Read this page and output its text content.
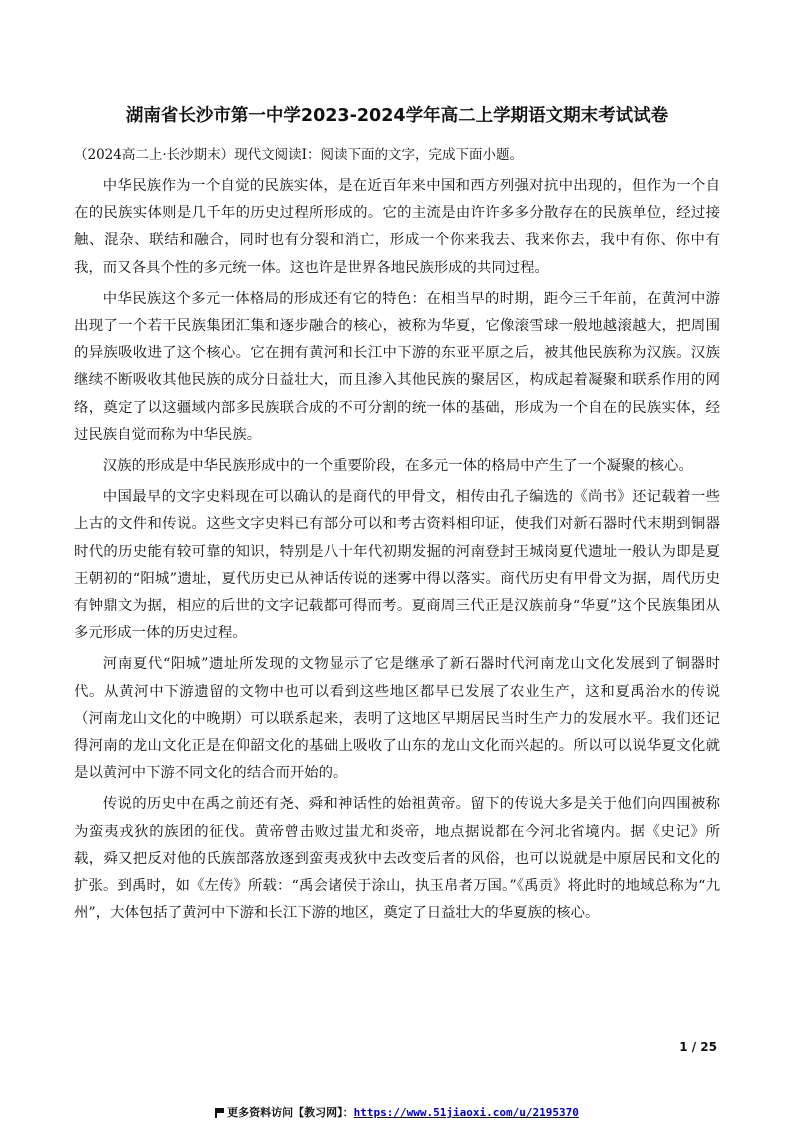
湖南省长沙市第一中学2023-2024学年高二上学期语文期末考试试卷

（2024高二上·长沙期末）现代文阅读I：阅读下面的文字，完成下面小题。

中华民族作为一个自觉的民族实体，是在近百年来中国和西方列强对抗中出现的，但作为一个自在的民族实体则是几千年的历史过程所形成的。它的主流是由许许多多分散存在的民族单位，经过接触、混杂、联结和融合，同时也有分裂和消亡，形成一个你来我去、我来你去，我中有你、你中有我，而又各具个性的多元统一体。这也许是世界各地民族形成的共同过程。

中华民族这个多元一体格局的形成还有它的特色：在相当早的时期，距今三千年前，在黄河中游出现了一个若干民族集团汇集和逐步融合的核心，被称为华夏，它像滚雪球一般地越滚越大，把周围的异族吸收进了这个核心。它在拥有黄河和长江中下游的东亚平原之后，被其他民族称为汉族。汉族继续不断吸收其他民族的成分日益壮大，而且渗入其他民族的聚居区，构成起着凝聚和联系作用的网络，奠定了以这疆域内部多民族联合成的不可分割的统一体的基础，形成为一个自在的民族实体，经过民族自觉而称为中华民族。

汉族的形成是中华民族形成中的一个重要阶段，在多元一体的格局中产生了一个凝聚的核心。

中国最早的文字史料现在可以确认的是商代的甲骨文，相传由孔子编选的《尚书》还记载着一些上古的文件和传说。这些文字史料已有部分可以和考古资料相印证，使我们对新石器时代末期到铜器时代的历史能有较可靠的知识，特别是八十年代初期发掘的河南登封王城岗夏代遗址一般认为即是夏王朝初的“阳城”遗址，夏代历史已从神话传说的迷雾中得以落实。商代历史有甲骨文为据，周代历史有钟鼎文为据，相应的后世的文字记载都可得而考。夏商周三代正是汉族前身“华夏”这个民族集团从多元形成一体的历史过程。

河南夏代“阳城”遗址所发现的文物显示了它是继承了新石器时代河南龙山文化发展到了铜器时代。从黄河中下游遗留的文物中也可以看到这些地区都早已发展了农业生产，这和夏禹治水的传说（河南龙山文化的中晚期）可以联系起来，表明了这地区早期居民当时生产力的发展水平。我们还记得河南的龙山文化正是在仰韶文化的基础上吸收了山东的龙山文化而兴起的。所以可以说华夏文化就是以黄河中下游不同文化的结合而开始的。

传说的历史中在禹之前还有尧、舜和神话性的始祖黄帝。留下的传说大多是关于他们向四围被称为蛮夷戎狄的族团的征伐。黄帝曾击败过蚩尤和炎帝，地点据说都在今河北省境内。据《史记》所载，舜又把反对他的氏族部落放逐到蛮夷戎狄中去改变后者的风俗，也可以说就是中原居民和文化的扩张。到禹时，如《左传》所载：“禹会诸侯于涂山，执玉帛者万国。”《禹贡》将此时的地域总称为“九州”，大体包括了黄河中下游和长江下游的地区，奠定了日益壮大的华夏族的核心。

1 / 25
更多资料访问【教习网】：https://www.51jiaoxi.com/u/2195370
